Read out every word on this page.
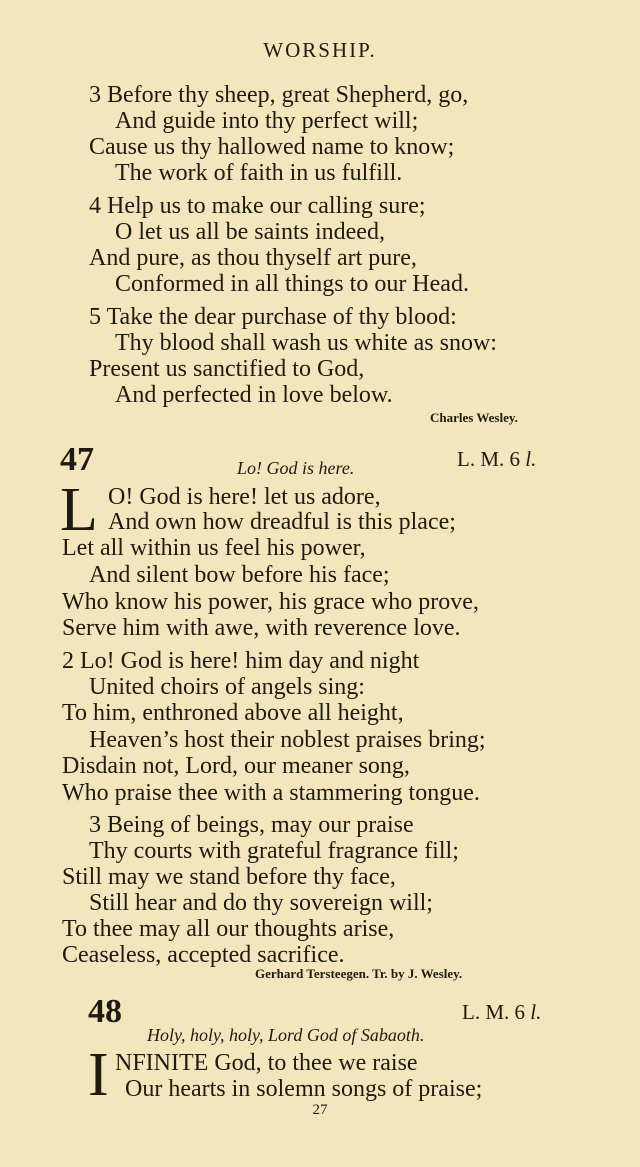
WORSHIP.
3 Before thy sheep, great Shepherd, go,
And guide into thy perfect will;
Cause us thy hallowed name to know;
The work of faith in us fulfill.
4 Help us to make our calling sure;
O let us all be saints indeed,
And pure, as thou thyself art pure,
Conformed in all things to our Head.
5 Take the dear purchase of thy blood:
Thy blood shall wash us white as snow:
Present us sanctified to God,
And perfected in love below.
Charles Wesley.
47	L. M. 6 l.
Lo! God is here.
L O! God is here! let us adore,
And own how dreadful is this place;
Let all within us feel his power,
And silent bow before his face;
Who know his power, his grace who prove,
Serve him with awe, with reverence love.
2 Lo! God is here! him day and night
United choirs of angels sing:
To him, enthroned above all height,
Heaven’s host their noblest praises bring;
Disdain not, Lord, our meaner song,
Who praise thee with a stammering tongue.
3 Being of beings, may our praise
Thy courts with grateful fragrance fill;
Still may we stand before thy face,
Still hear and do thy sovereign will;
To thee may all our thoughts arise,
Ceaseless, accepted sacrifice.
Gerhard Tersteegen. Tr. by J. Wesley.
48	L. M. 6 l.
Holy, holy, holy, Lord God of Sabaoth.
I NFINITE God, to thee we raise
Our hearts in solemn songs of praise;
27
